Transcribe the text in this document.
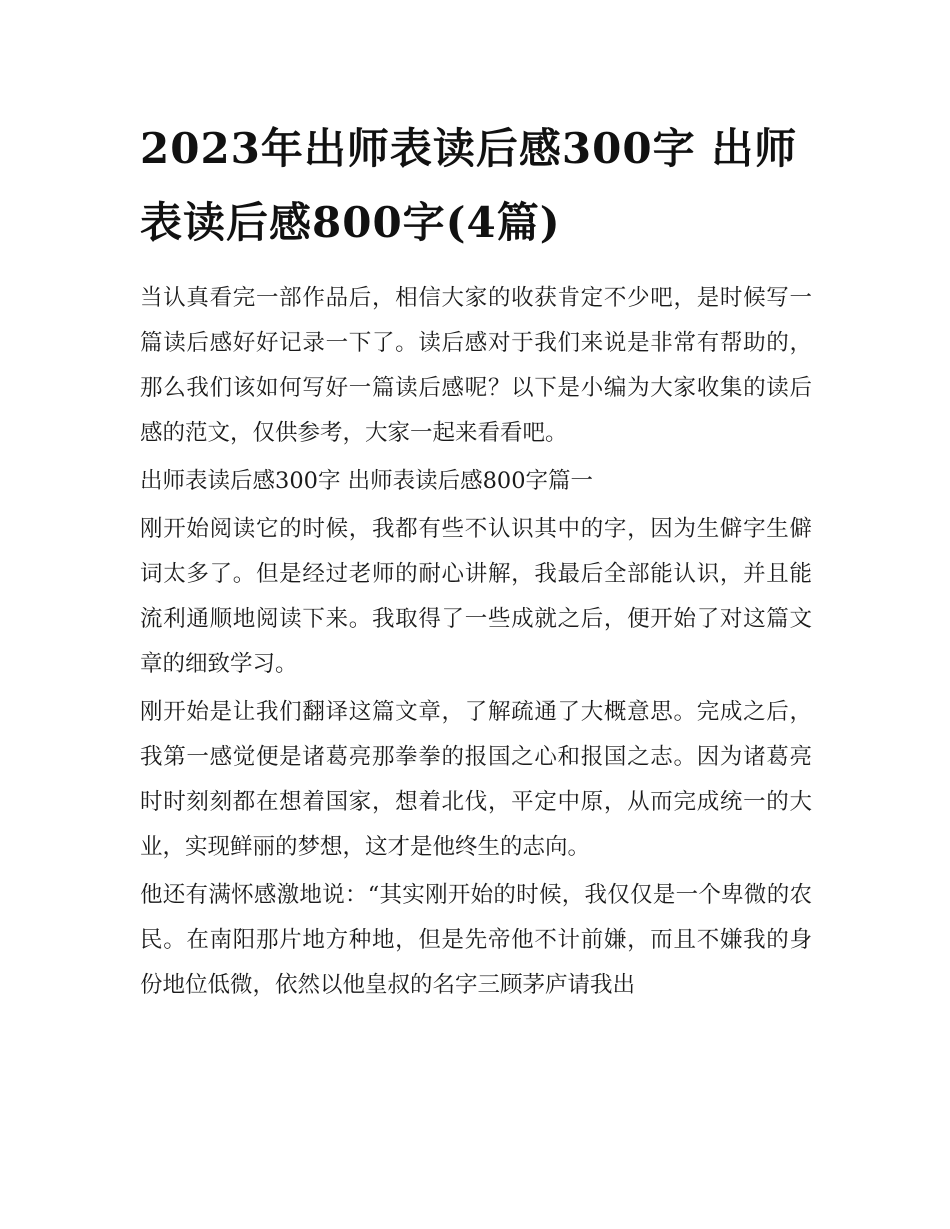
2023年出师表读后感300字 出师表读后感800字(4篇)

当认真看完一部作品后，相信大家的收获肯定不少吧，是时候写一篇读后感好好记录一下了。读后感对于我们来说是非常有帮助的，那么我们该如何写好一篇读后感呢？以下是小编为大家收集的读后感的范文，仅供参考，大家一起来看看吧。

出师表读后感300字 出师表读后感800字篇一

刚开始阅读它的时候，我都有些不认识其中的字，因为生僻字生僻词太多了。但是经过老师的耐心讲解，我最后全部能认识，并且能流利通顺地阅读下来。我取得了一些成就之后，便开始了对这篇文章的细致学习。

刚开始是让我们翻译这篇文章，了解疏通了大概意思。完成之后，我第一感觉便是诸葛亮那拳拳的报国之心和报国之志。因为诸葛亮时时刻刻都在想着国家，想着北伐，平定中原，从而完成统一的大业，实现鲜丽的梦想，这才是他终生的志向。

他还有满怀感激地说：“其实刚开始的时候，我仅仅是一个卑微的农民。在南阳那片地方种地，但是先帝他不计前嫌，而且不嫌我的身份地位低微，依然以他皇叔的名字三顾茅庐请我出
